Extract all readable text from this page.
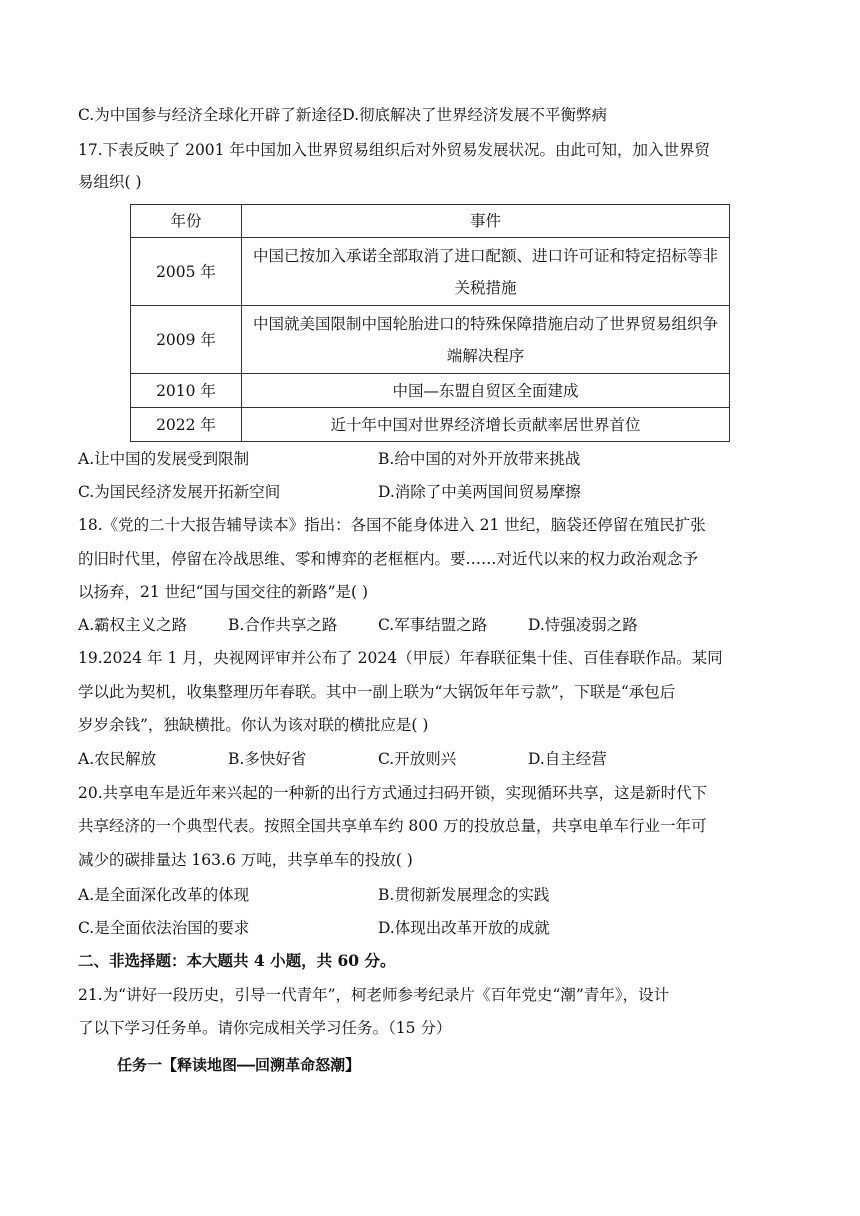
C.为中国参与经济全球化开辟了新途径D.彻底解决了世界经济发展不平衡弊病
17.下表反映了 2001 年中国加入世界贸易组织后对外贸易发展状况。由此可知，加入世界贸
易组织( )
年份	事件
2005 年	中国已按加入承诺全部取消了进口配额、进口许可证和特定招标等非关税措施
2009 年	中国就美国限制中国轮胎进口的特殊保障措施启动了世界贸易组织争端解决程序
2010 年	中国—东盟自贸区全面建成
2022 年	近十年中国对世界经济增长贡献率居世界首位
A.让中国的发展受到限制	B.给中国的对外开放带来挑战
C.为国民经济发展开拓新空间	D.消除了中美两国间贸易摩擦
18.《党的二十大报告辅导读本》指出：各国不能身体进入 21 世纪，脑袋还停留在殖民扩张
的旧时代里，停留在冷战思维、零和博弈的老框框内。要……对近代以来的权力政治观念予
以扬弃，21 世纪“国与国交往的新路”是( )
A.霸权主义之路	B.合作共享之路	C.军事结盟之路	D.恃强凌弱之路
19.2024 年 1 月，央视网评审并公布了 2024（甲辰）年春联征集十佳、百佳春联作品。某同
学以此为契机，收集整理历年春联。其中一副上联为“大锅饭年年亏款”，下联是“承包后
岁岁余钱”，独缺横批。你认为该对联的横批应是( )
A.农民解放	B.多快好省	C.开放则兴	D.自主经营
20.共享电车是近年来兴起的一种新的出行方式通过扫码开锁，实现循环共享，这是新时代下
共享经济的一个典型代表。按照全国共享单车约 800 万的投放总量，共享电单车行业一年可
减少的碳排量达 163.6 万吨，共享单车的投放( )
A.是全面深化改革的体现	B.贯彻新发展理念的实践
C.是全面依法治国的要求	D.体现出改革开放的成就
二、非选择题：本大题共 4 小题，共 60 分。
21.为“讲好一段历史，引导一代青年”，柯老师参考纪录片《百年党史“潮”青年》，设计
了以下学习任务单。请你完成相关学习任务。（15 分）
任务一【释读地图——回溯革命怒潮】
